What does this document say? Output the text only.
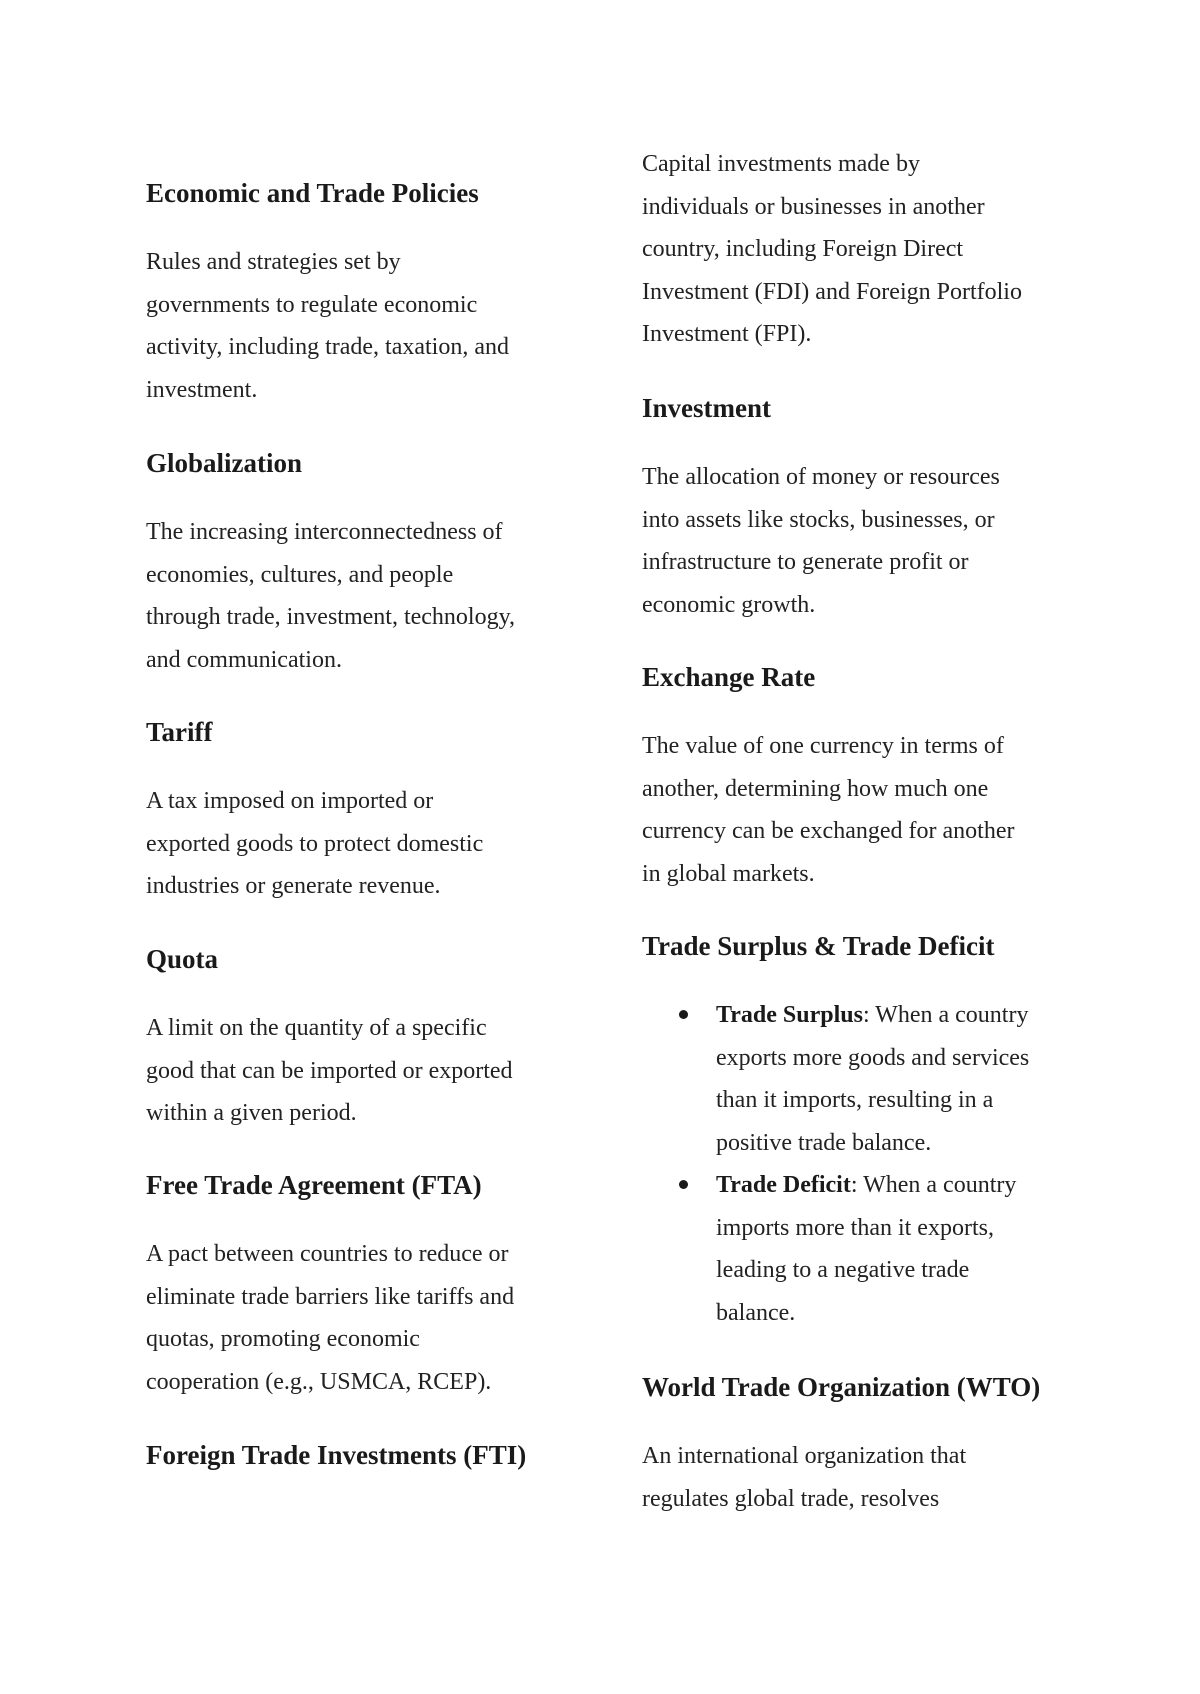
Economic and Trade Policies

Rules and strategies set by
governments to regulate economic
activity, including trade, taxation, and
investment.

Globalization

The increasing interconnectedness of
economies, cultures, and people
through trade, investment, technology,
and communication.

Tariff

A tax imposed on imported or
exported goods to protect domestic
industries or generate revenue.

Quota

A limit on the quantity of a specific
good that can be imported or exported
within a given period.

Free Trade Agreement (FTA)

A pact between countries to reduce or
eliminate trade barriers like tariffs and
quotas, promoting economic
cooperation (e.g., USMCA, RCEP).

Foreign Trade Investments (FTI)

Capital investments made by
individuals or businesses in another
country, including Foreign Direct
Investment (FDI) and Foreign Portfolio
Investment (FPI).

Investment

The allocation of money or resources
into assets like stocks, businesses, or
infrastructure to generate profit or
economic growth.

Exchange Rate

The value of one currency in terms of
another, determining how much one
currency can be exchanged for another
in global markets.

Trade Surplus & Trade Deficit
Trade Surplus: When a country
exports more goods and services
than it imports, resulting in a
positive trade balance.
Trade Deficit: When a country
imports more than it exports,
leading to a negative trade
balance.
World Trade Organization (WTO)

An international organization that
regulates global trade, resolves
